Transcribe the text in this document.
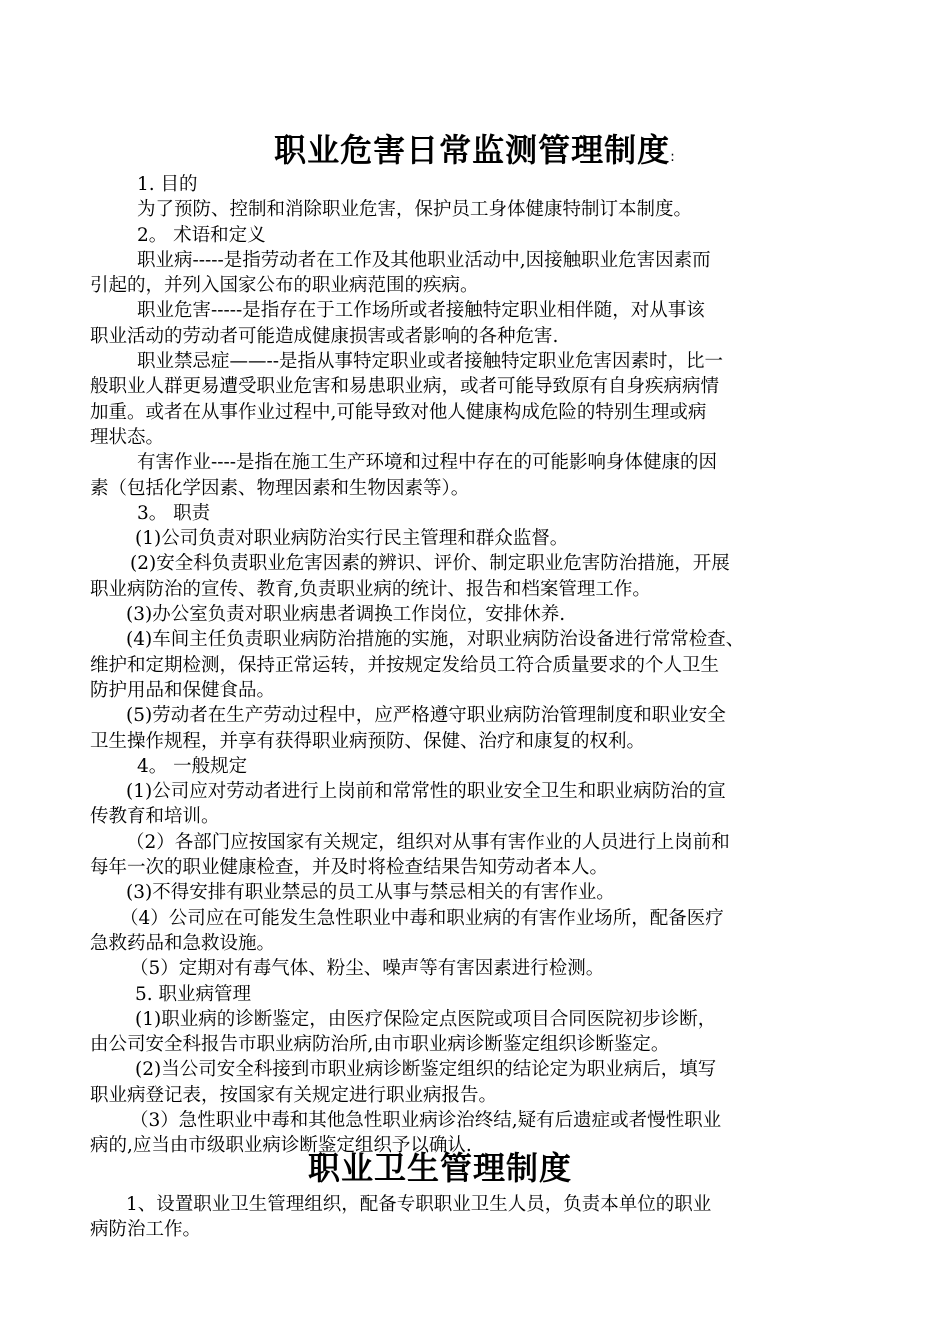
职业危害日常监测管理制度:

1. 目的

为了预防、控制和消除职业危害，保护员工身体健康特制订本制度。

2。 术语和定义

职业病-----是指劳动者在工作及其他职业活动中,因接触职业危害因素而

引起的，并列入国家公布的职业病范围的疾病。

职业危害-----是指存在于工作场所或者接触特定职业相伴随，对从事该

职业活动的劳动者可能造成健康损害或者影响的各种危害.

职业禁忌症——--是指从事特定职业或者接触特定职业危害因素时，比一

般职业人群更易遭受职业危害和易患职业病，或者可能导致原有自身疾病病情

加重。或者在从事作业过程中,可能导致对他人健康构成危险的特别生理或病

理状态。

有害作业----是指在施工生产环境和过程中存在的可能影响身体健康的因

素（包括化学因素、物理因素和生物因素等）。

3。 职责

(1)公司负责对职业病防治实行民主管理和群众监督。

(2)安全科负责职业危害因素的辨识、评价、制定职业危害防治措施，开展

职业病防治的宣传、教育,负责职业病的统计、报告和档案管理工作。

(3)办公室负责对职业病患者调换工作岗位，安排休养.

(4)车间主任负责职业病防治措施的实施，对职业病防治设备进行常常检查、

维护和定期检测，保持正常运转，并按规定发给员工符合质量要求的个人卫生

防护用品和保健食品。

(5)劳动者在生产劳动过程中，应严格遵守职业病防治管理制度和职业安全

卫生操作规程，并享有获得职业病预防、保健、治疗和康复的权利。

4。 一般规定

(1)公司应对劳动者进行上岗前和常常性的职业安全卫生和职业病防治的宣

传教育和培训。

（2）各部门应按国家有关规定，组织对从事有害作业的人员进行上岗前和

每年一次的职业健康检查，并及时将检查结果告知劳动者本人。

(3)不得安排有职业禁忌的员工从事与禁忌相关的有害作业。

（4）公司应在可能发生急性职业中毒和职业病的有害作业场所，配备医疗

急救药品和急救设施。

（5）定期对有毒气体、粉尘、噪声等有害因素进行检测。

5. 职业病管理

(1)职业病的诊断鉴定，由医疗保险定点医院或项目合同医院初步诊断，

由公司安全科报告市职业病防治所,由市职业病诊断鉴定组织诊断鉴定。

(2)当公司安全科接到市职业病诊断鉴定组织的结论定为职业病后，填写

职业病登记表，按国家有关规定进行职业病报告。

（3）急性职业中毒和其他急性职业病诊治终结,疑有后遗症或者慢性职业

病的,应当由市级职业病诊断鉴定组织予以确认.

职业卫生管理制度

1、设置职业卫生管理组织，配备专职职业卫生人员，负责本单位的职业

病防治工作。
